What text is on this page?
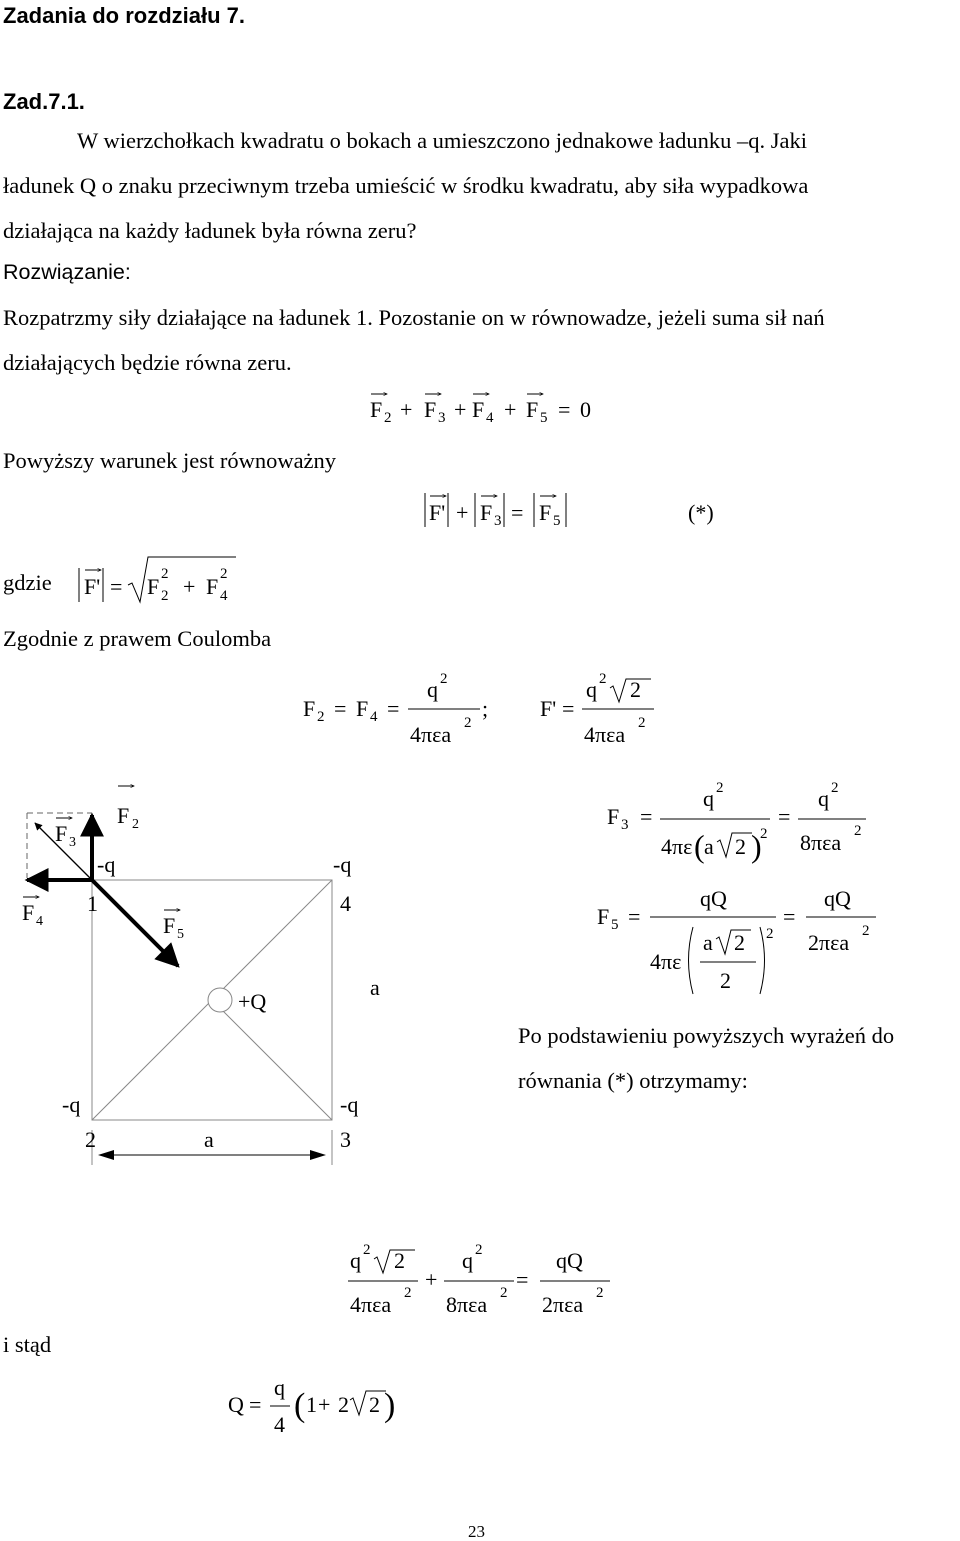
Zadania do rozdziału 7.
Zad.7.1.
W wierzchołkach kwadratu o bokach a umieszczono jednakowe ładunku –q. Jaki
ładunek Q o znaku przeciwnym trzeba umieścić w środku kwadratu, aby siła wypadkowa
działająca na każdy ładunek była równa zeru?
Rozwiązanie:
Rozpatrzmy siły działające na ładunek 1. Pozostanie on w równowadze, jeżeli suma sił nań
działających będzie równa zeru.
Powyższy warunek jest równoważny
gdzie
Zgodnie z prawem Coulomba
Po podstawieniu powyższych wyrażeń do
równania (*) otrzymamy:
i stąd
23
F 2 + F 3 + F 4 + F 5 = 0
F' + F 3 = F 5	(*)
F' = F 2
2 + F 2
4
F 2 = F 4 =
q 2
4πεa 2
; F' =
q 2 2
4πεa 2
F 3 =
q 2
4πε ( a 2 )
2
=
q 2
8πεa 2
F 5 =
qQ
4πε
a 2
2
2
=
qQ
2πεa 2
q 2 2
4πεa 2
+
q 2
8πεa 2
=
qQ
2πεa 2
Q =
q
4
( 1 + 2 2 )
F 2
F 3
F 4	F 5
-q
1
-q
4
+Q
a
-q
2
-q
3
a
